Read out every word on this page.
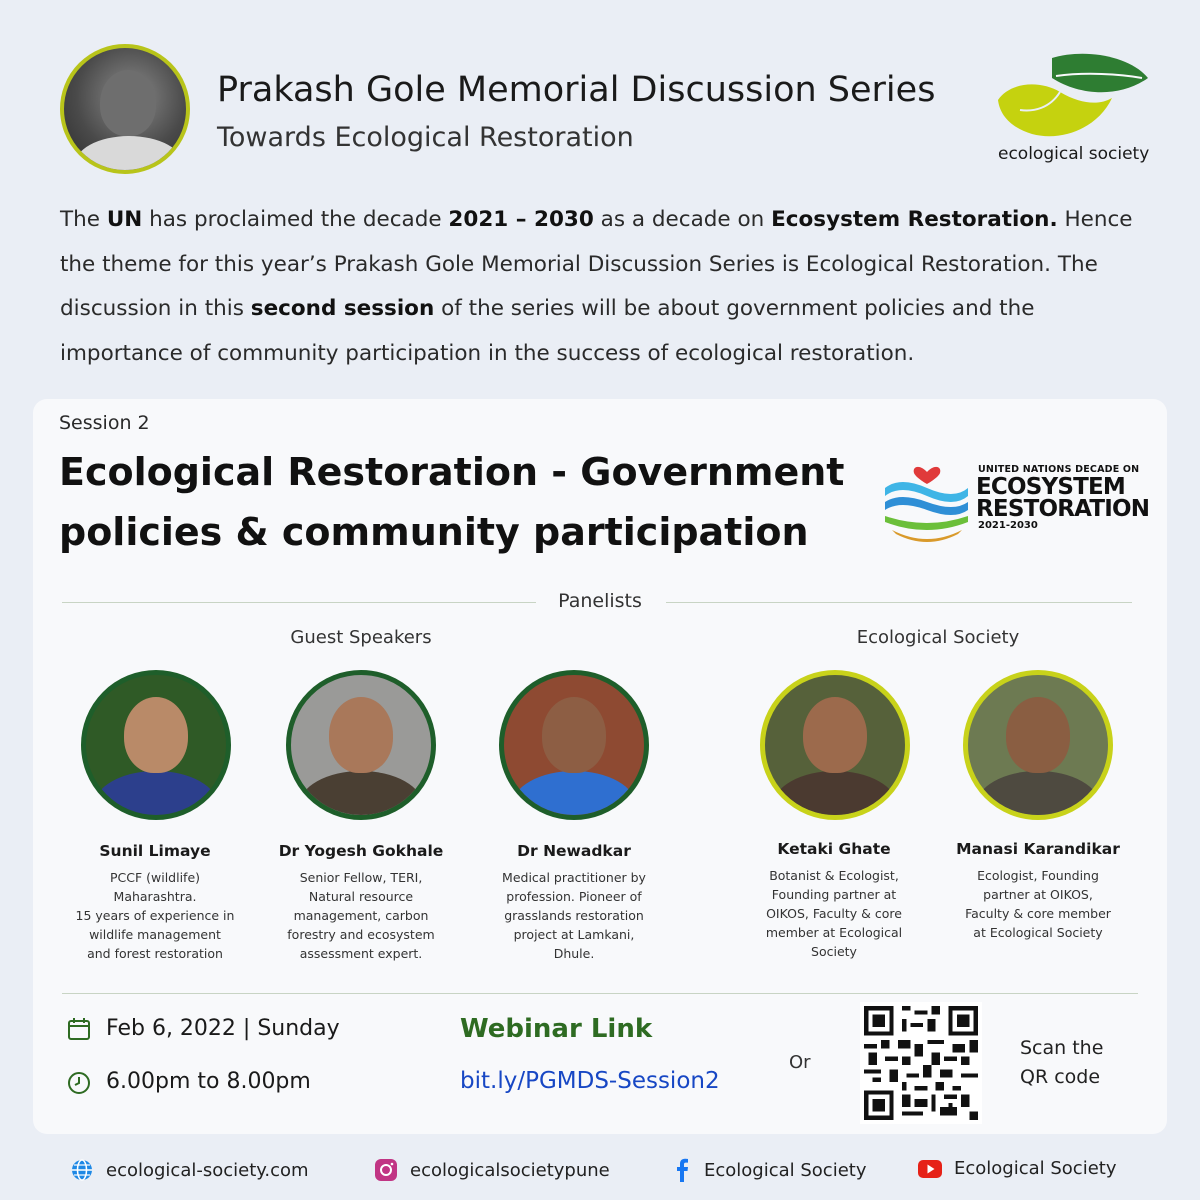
Prakash Gole Memorial Discussion Series
Towards Ecological Restoration
ecological society
The UN has proclaimed the decade 2021 – 2030 as a decade on Ecosystem Restoration. Hence the theme for this year’s Prakash Gole Memorial Discussion Series is Ecological Restoration. The discussion in this second session of the series will be about government policies and the importance of community participation in the success of ecological restoration.
Session 2
Ecological Restoration - Government
policies & community participation
UNITED NATIONS DECADE ON
ECOSYSTEM
RESTORATION
2021-2030
Panelists
Guest Speakers	Ecological Society
Sunil Limaye
PCCF (wildlife)
Maharashtra.
15 years of experience in
wildlife management
and forest restoration
Dr Yogesh Gokhale
Senior Fellow, TERI,
Natural resource
management, carbon
forestry and ecosystem
assessment expert.
Dr Newadkar
Medical practitioner by
profession. Pioneer of
grasslands restoration
project at Lamkani,
Dhule.
Ketaki Ghate
Botanist & Ecologist,
Founding partner at
OIKOS, Faculty & core
member at Ecological
Society
Manasi Karandikar
Ecologist, Founding
partner at OIKOS,
Faculty & core member
at Ecological Society
Feb 6, 2022 | Sunday
6.00pm to 8.00pm
Webinar Link
bit.ly/PGMDS-Session2
Or
Scan the
QR code
ecological-society.com	ecologicalsocietypune	Ecological Society	Ecological Society
